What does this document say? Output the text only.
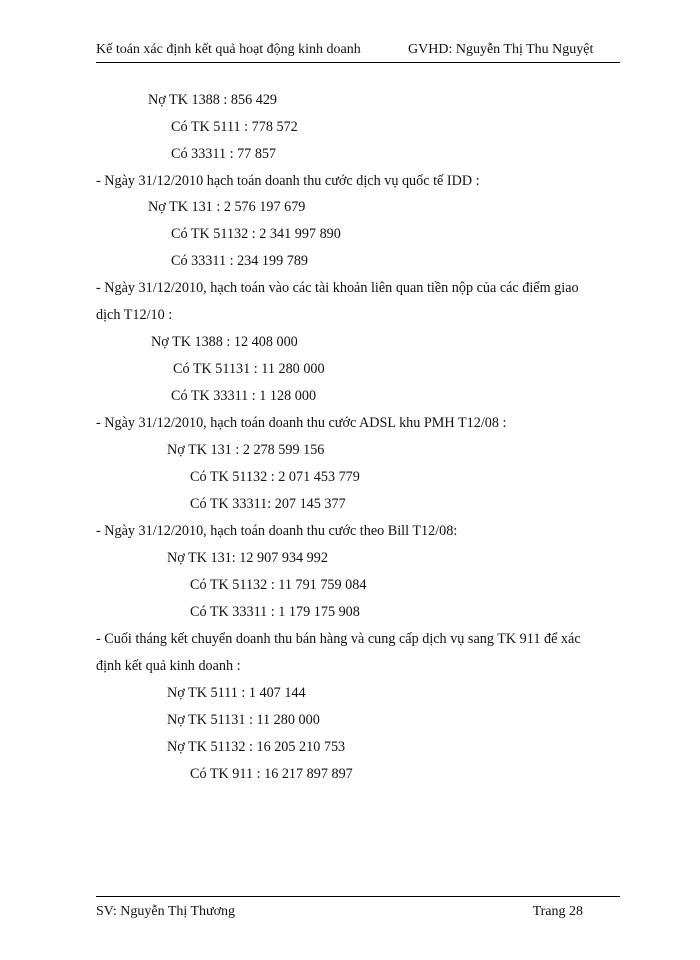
Kế toán xác định kết quả hoạt động kinh doanh	GVHD: Nguyễn Thị Thu Nguyệt
Nợ TK 1388 : 856 429
Có TK 5111 : 778 572
Có 33311 : 77 857
- Ngày 31/12/2010 hạch toán doanh thu cước dịch vụ quốc tế IDD :
Nợ TK 131 : 2 576 197 679
Có TK 51132 : 2 341 997 890
Có 33311 : 234 199 789
- Ngày 31/12/2010, hạch toán vào các tài khoản liên quan tiền nộp của các điểm giao
dịch T12/10 :
Nợ TK 1388 : 12 408 000
Có TK 51131 : 11 280 000
Có TK 33311 : 1 128 000
- Ngày 31/12/2010, hạch toán doanh thu cước ADSL khu PMH T12/08 :
Nợ TK 131 : 2 278 599 156
Có TK 51132 : 2 071 453 779
Có TK 33311: 207 145 377
- Ngày 31/12/2010, hạch toán doanh thu cước theo Bill T12/08:
Nợ TK 131: 12 907 934 992
Có TK 51132 : 11 791 759 084
Có TK 33311 : 1 179 175 908
- Cuối tháng kết chuyển doanh thu bán hàng và cung cấp dịch vụ sang TK 911 để xác
định kết quả kinh doanh :
Nợ TK 5111 : 1 407 144
Nợ TK 51131 : 11 280 000
Nợ TK 51132 : 16 205 210 753
Có TK 911 : 16 217 897 897
SV: Nguyễn Thị Thương	Trang 28
